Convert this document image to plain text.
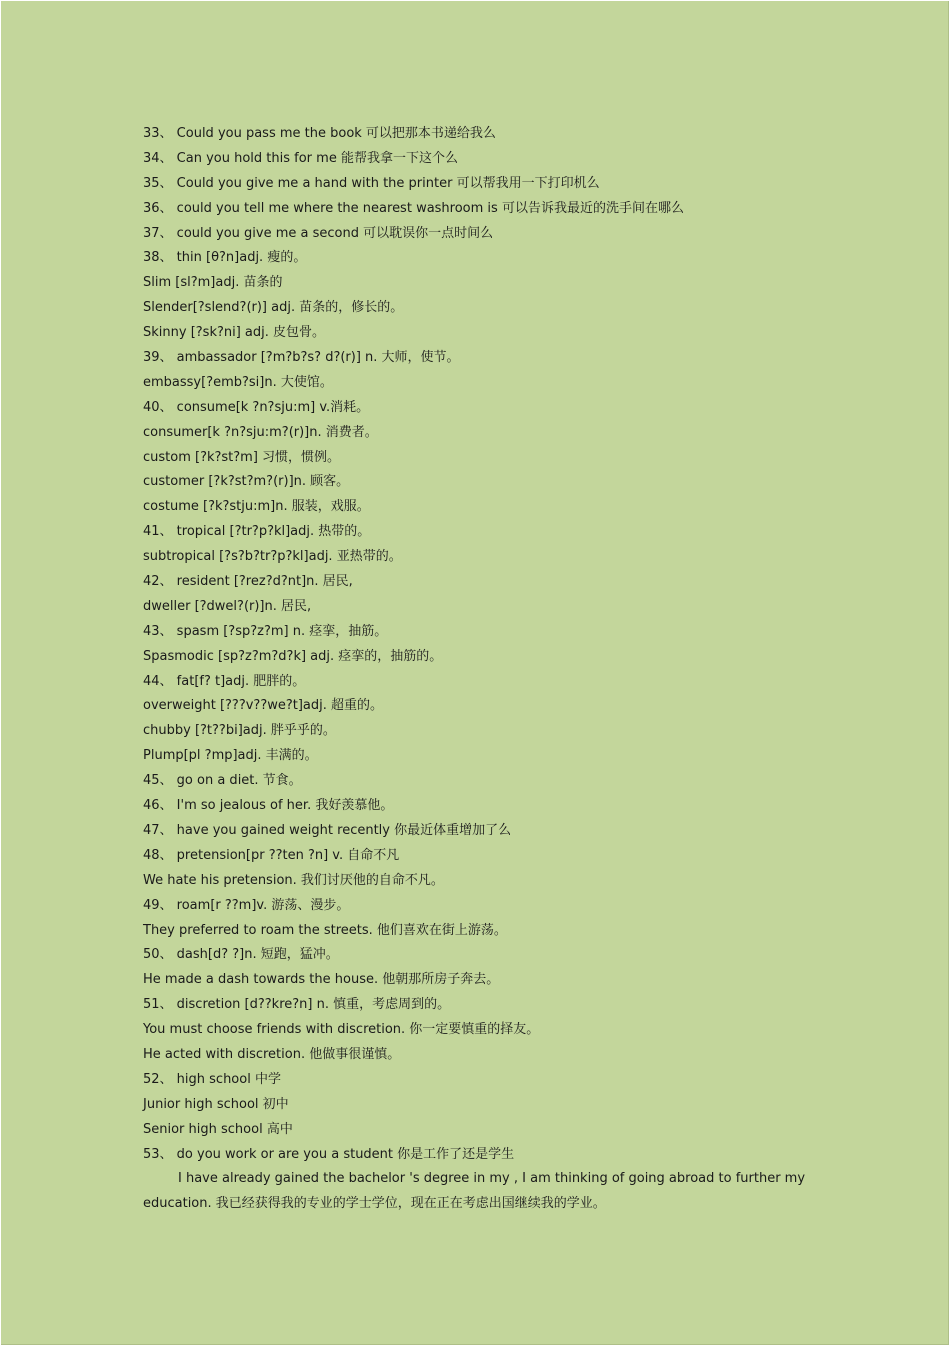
33、 Could you pass me the book 可以把那本书递给我么
34、 Can you hold this for me 能帮我拿一下这个么
35、 Could you give me a hand with the printer 可以帮我用一下打印机么
36、 could you tell me where the nearest washroom is 可以告诉我最近的洗手间在哪么
37、 could you give me a second 可以耽误你一点时间么
38、 thin [θ?n]adj. 瘦的。
Slim [sl?m]adj. 苗条的
Slender[?slend?(r)] adj. 苗条的，修长的。
Skinny [?sk?ni] adj. 皮包骨。
39、 ambassador [?m?b?s? d?(r)] n. 大师，使节。
embassy[?emb?si]n. 大使馆。
40、 consume[k ?n?sju:m] v.消耗。
consumer[k ?n?sju:m?(r)]n. 消费者。
custom [?k?st?m] 习惯，惯例。
customer [?k?st?m?(r)]n. 顾客。
costume [?k?stju:m]n. 服装，戏服。
41、 tropical [?tr?p?kl]adj. 热带的。
subtropical [?s?b?tr?p?kl]adj. 亚热带的。
42、 resident [?rez?d?nt]n. 居民,
dweller [?dwel?(r)]n. 居民,
43、 spasm [?sp?z?m] n. 痉挛，抽筋。
Spasmodic [sp?z?m?d?k] adj. 痉挛的，抽筋的。
44、 fat[f? t]adj. 肥胖的。
overweight [???v??we?t]adj. 超重的。
chubby [?t??bi]adj. 胖乎乎的。
Plump[pl ?mp]adj. 丰满的。
45、 go on a diet. 节食。
46、 I'm so jealous of her. 我好羡慕他。
47、 have you gained weight recently 你最近体重增加了么
48、 pretension[pr ??ten ?n] v. 自命不凡
We hate his pretension. 我们讨厌他的自命不凡。
49、 roam[r ??m]v. 游荡、漫步。
They preferred to roam the streets. 他们喜欢在街上游荡。
50、 dash[d? ?]n. 短跑，猛冲。
He made a dash towards the house. 他朝那所房子奔去。
51、 discretion [d??kre?n] n. 慎重，考虑周到的。
You must choose friends with discretion. 你一定要慎重的择友。
He acted with discretion. 他做事很谨慎。
52、 high school 中学
Junior high school 初中
Senior high school 高中
53、 do you work or are you a student 你是工作了还是学生
I have already gained the bachelor 's degree in my , I am thinking of going abroad to further my
education. 我已经获得我的专业的学士学位，现在正在考虑出国继续我的学业。
